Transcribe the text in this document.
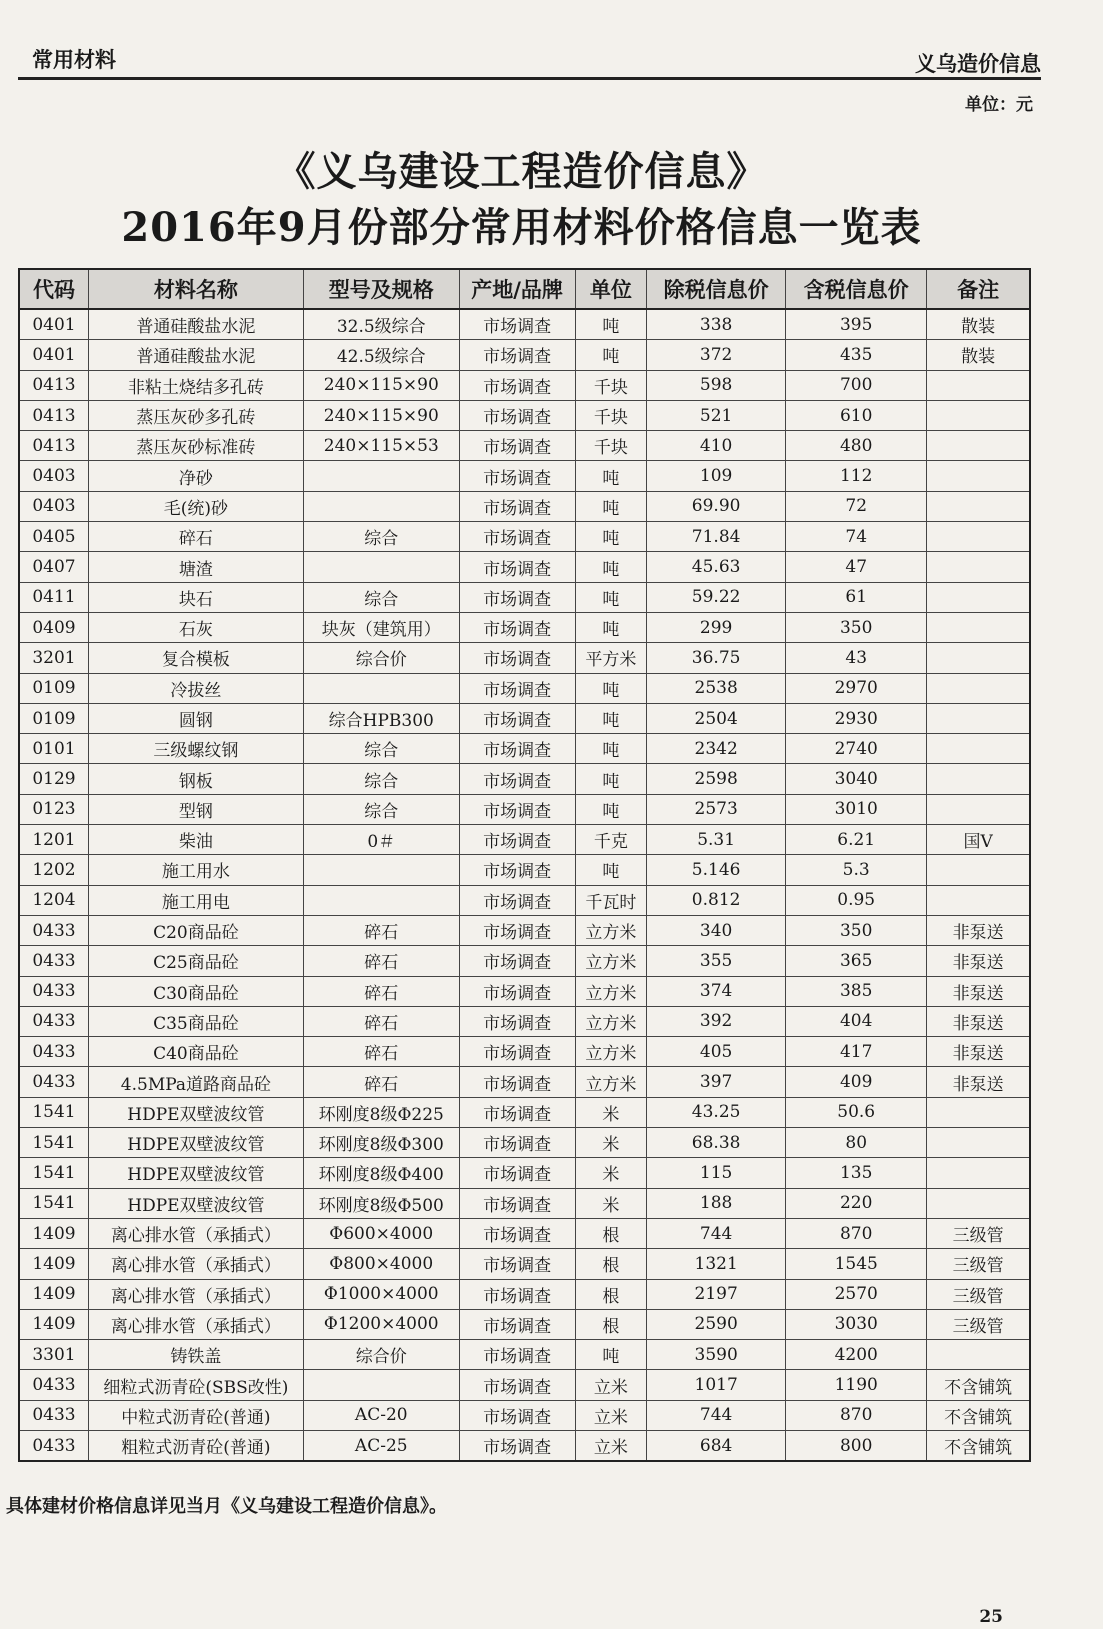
常用材料	义乌造价信息
单位：元
《义乌建设工程造价信息》
2016年9月份部分常用材料价格信息一览表
代码	材料名称	型号及规格	产地/品牌	单位	除税信息价	含税信息价	备注
0401	普通硅酸盐水泥	32.5级综合	市场调查	吨	338	395	散装
0401	普通硅酸盐水泥	42.5级综合	市场调查	吨	372	435	散装
0413	非粘土烧结多孔砖	240×115×90	市场调查	千块	598	700	
0413	蒸压灰砂多孔砖	240×115×90	市场调查	千块	521	610	
0413	蒸压灰砂标准砖	240×115×53	市场调查	千块	410	480	
0403	净砂		市场调查	吨	109	112	
0403	毛(统)砂		市场调查	吨	69.90	72	
0405	碎石	综合	市场调查	吨	71.84	74	
0407	塘渣		市场调查	吨	45.63	47	
0411	块石	综合	市场调查	吨	59.22	61	
0409	石灰	块灰（建筑用）	市场调查	吨	299	350	
3201	复合模板	综合价	市场调查	平方米	36.75	43	
0109	冷拔丝		市场调查	吨	2538	2970	
0109	圆钢	综合HPB300	市场调查	吨	2504	2930	
0101	三级螺纹钢	综合	市场调查	吨	2342	2740	
0129	钢板	综合	市场调查	吨	2598	3040	
0123	型钢	综合	市场调查	吨	2573	3010	
1201	柴油	0＃	市场调查	千克	5.31	6.21	国V
1202	施工用水		市场调查	吨	5.146	5.3	
1204	施工用电		市场调查	千瓦时	0.812	0.95	
0433	C20商品砼	碎石	市场调查	立方米	340	350	非泵送
0433	C25商品砼	碎石	市场调查	立方米	355	365	非泵送
0433	C30商品砼	碎石	市场调查	立方米	374	385	非泵送
0433	C35商品砼	碎石	市场调查	立方米	392	404	非泵送
0433	C40商品砼	碎石	市场调查	立方米	405	417	非泵送
0433	4.5MPa道路商品砼	碎石	市场调查	立方米	397	409	非泵送
1541	HDPE双壁波纹管	环刚度8级Φ225	市场调查	米	43.25	50.6	
1541	HDPE双壁波纹管	环刚度8级Φ300	市场调查	米	68.38	80	
1541	HDPE双壁波纹管	环刚度8级Φ400	市场调查	米	115	135	
1541	HDPE双壁波纹管	环刚度8级Φ500	市场调查	米	188	220	
1409	离心排水管（承插式）	Φ600×4000	市场调查	根	744	870	三级管
1409	离心排水管（承插式）	Φ800×4000	市场调查	根	1321	1545	三级管
1409	离心排水管（承插式）	Φ1000×4000	市场调查	根	2197	2570	三级管
1409	离心排水管（承插式）	Φ1200×4000	市场调查	根	2590	3030	三级管
3301	铸铁盖	综合价	市场调查	吨	3590	4200	
0433	细粒式沥青砼(SBS改性)		市场调查	立米	1017	1190	不含铺筑
0433	中粒式沥青砼(普通)	AC-20	市场调查	立米	744	870	不含铺筑
0433	粗粒式沥青砼(普通)	AC-25	市场调查	立米	684	800	不含铺筑
具体建材价格信息详见当月《义乌建设工程造价信息》。
25
